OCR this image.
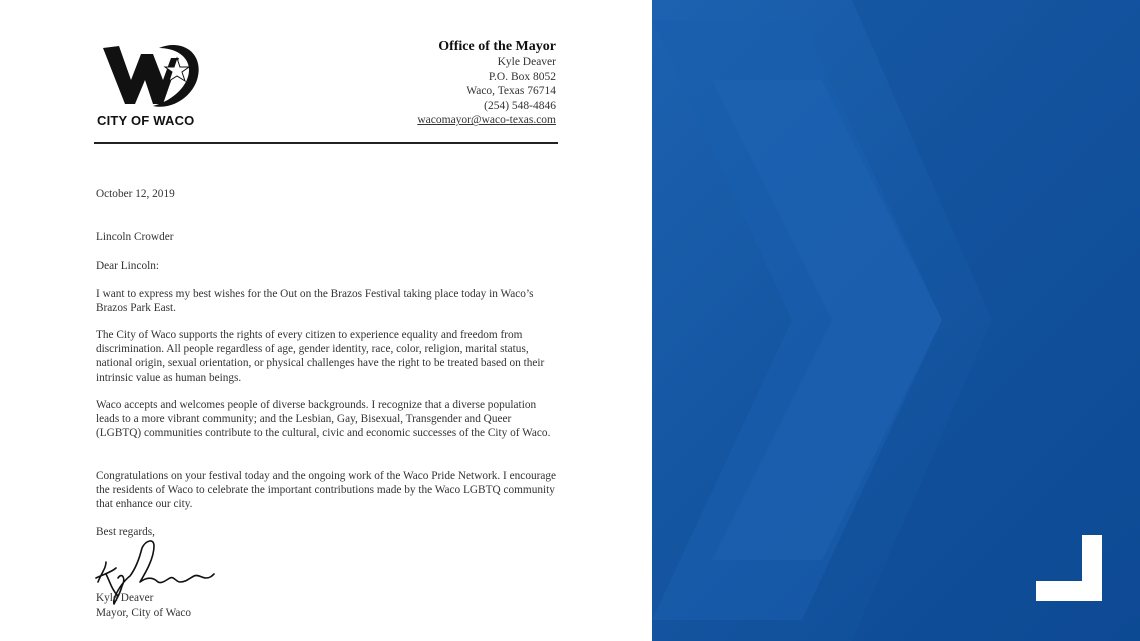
CITY OF WACO
Office of the Mayor
Kyle Deaver
P.O. Box 8052
Waco, Texas 76714
(254) 548-4846
wacomayor@waco-texas.com

October 12, 2019

Lincoln Crowder

Dear Lincoln:

I want to express my best wishes for the Out on the Brazos Festival taking place today in Waco’s Brazos Park East.

The City of Waco supports the rights of every citizen to experience equality and freedom from discrimination. All people regardless of age, gender identity, race, color, religion, marital status, national origin, sexual orientation, or physical challenges have the right to be treated based on their intrinsic value as human beings.

Waco accepts and welcomes people of diverse backgrounds. I recognize that a diverse population leads to a more vibrant community; and the Lesbian, Gay, Bisexual, Transgender and Queer (LGBTQ) communities contribute to the cultural, civic and economic successes of the City of Waco.

Congratulations on your festival today and the ongoing work of the Waco Pride Network. I encourage the residents of Waco to celebrate the important contributions made by the Waco LGBTQ community that enhance our city.

Best regards,

Kyle Deaver
Mayor, City of Waco
